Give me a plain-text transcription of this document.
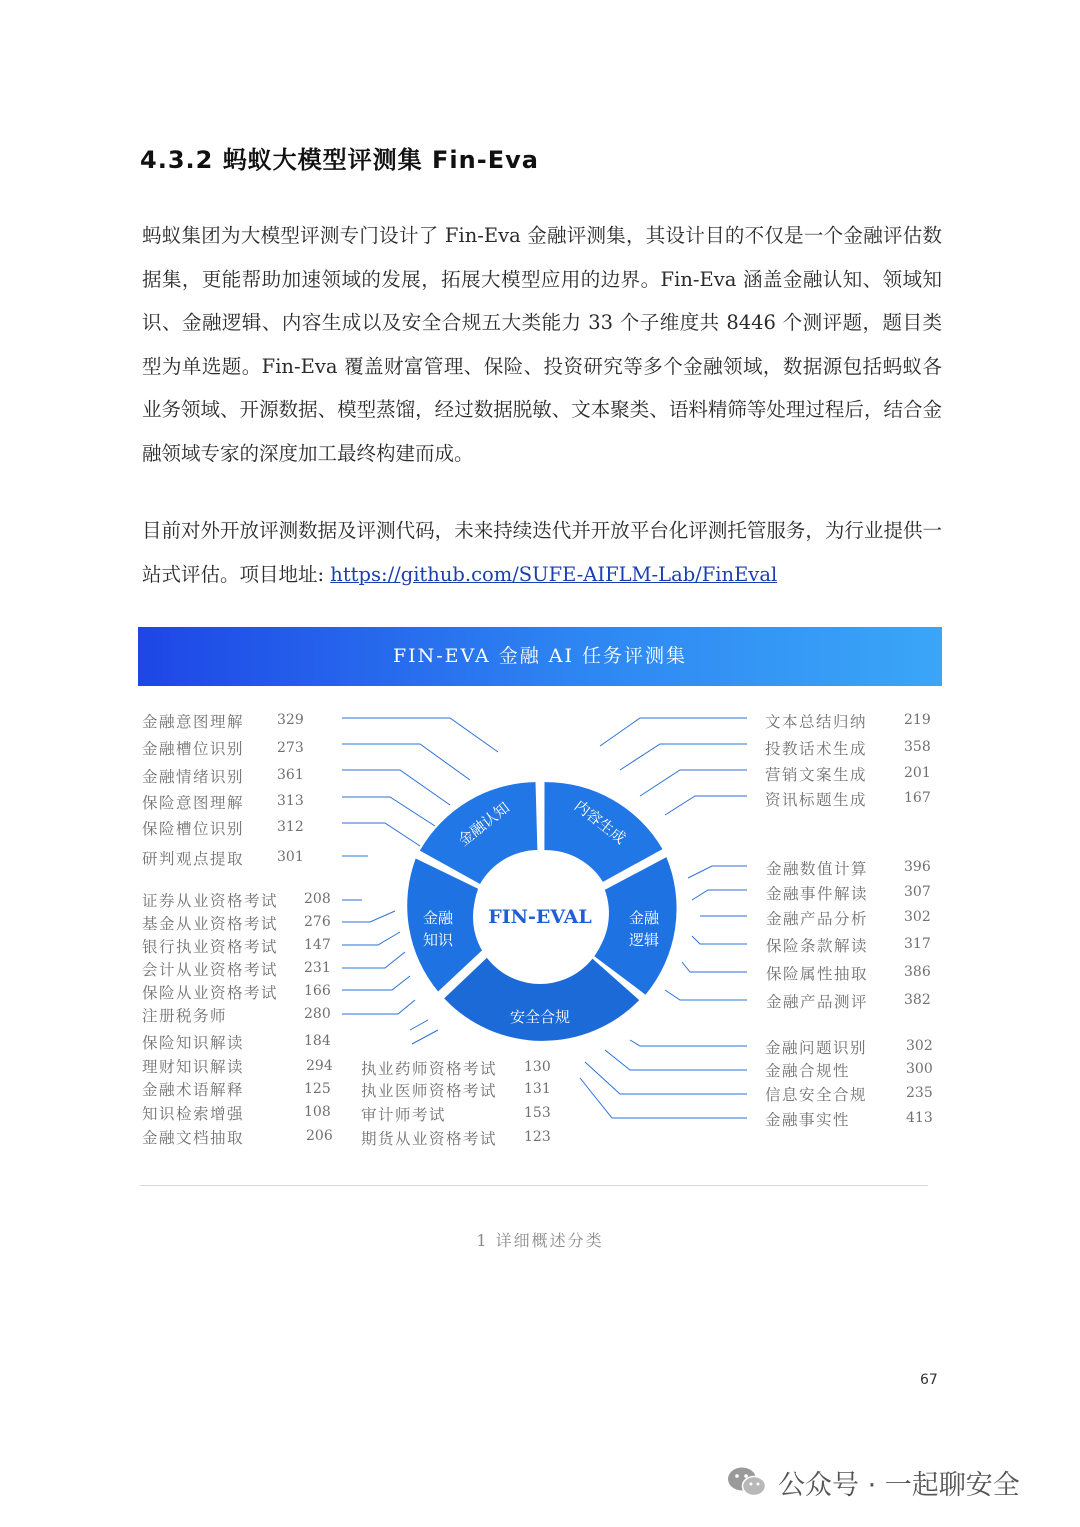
4.3.2 蚂蚁大模型评测集 Fin-Eva
蚂蚁集团为大模型评测专门设计了 Fin-Eva 金融评测集，其设计目的不仅是一个金融评估数据集，更能帮助加速领域的发展，拓展大模型应用的边界。Fin-Eva 涵盖金融认知、领域知识、金融逻辑、内容生成以及安全合规五大类能力 33 个子维度共 8446 个测评题，题目类型为单选题。Fin-Eva 覆盖财富管理、保险、投资研究等多个金融领域，数据源包括蚂蚁各业务领域、开源数据、模型蒸馏，经过数据脱敏、文本聚类、语料精筛等处理过程后，结合金融领域专家的深度加工最终构建而成。
目前对外开放评测数据及评测代码，未来持续迭代并开放平台化评测托管服务，为行业提供一站式评估。项目地址: https://github.com/SUFE-AIFLM-Lab/FinEval
FIN-EVA 金融 AI 任务评测集
金融认知	内容生成
安全合规
FIN-EVAL
金融知识
金融逻辑
金融意图理解 329
金融槽位识别 273
金融情绪识别 361
保险意图理解 313
保险槽位识别 312
研判观点提取 301
证券从业资格考试 208
基金从业资格考试 276
银行执业资格考试 147
会计从业资格考试 231
保险从业资格考试 166
注册税务师	280
保险知识解读	184
理财知识解读	294
金融术语解释	125
知识检索增强	108
金融文档抽取	206
执业药师资格考试 130
执业医师资格考试 131
审计师考试	153
期货从业资格考试 123
文本总结归纳	219
投教话术生成	358
营销文案生成	201
资讯标题生成	167
金融数值计算	396
金融事件解读	307
金融产品分析	302
保险条款解读	317
保险属性抽取	386
金融产品测评	382
金融问题识别	302
金融合规性	300
信息安全合规	235
金融事实性	413
1 详细概述分类
67
公众号 · 一起聊安全
